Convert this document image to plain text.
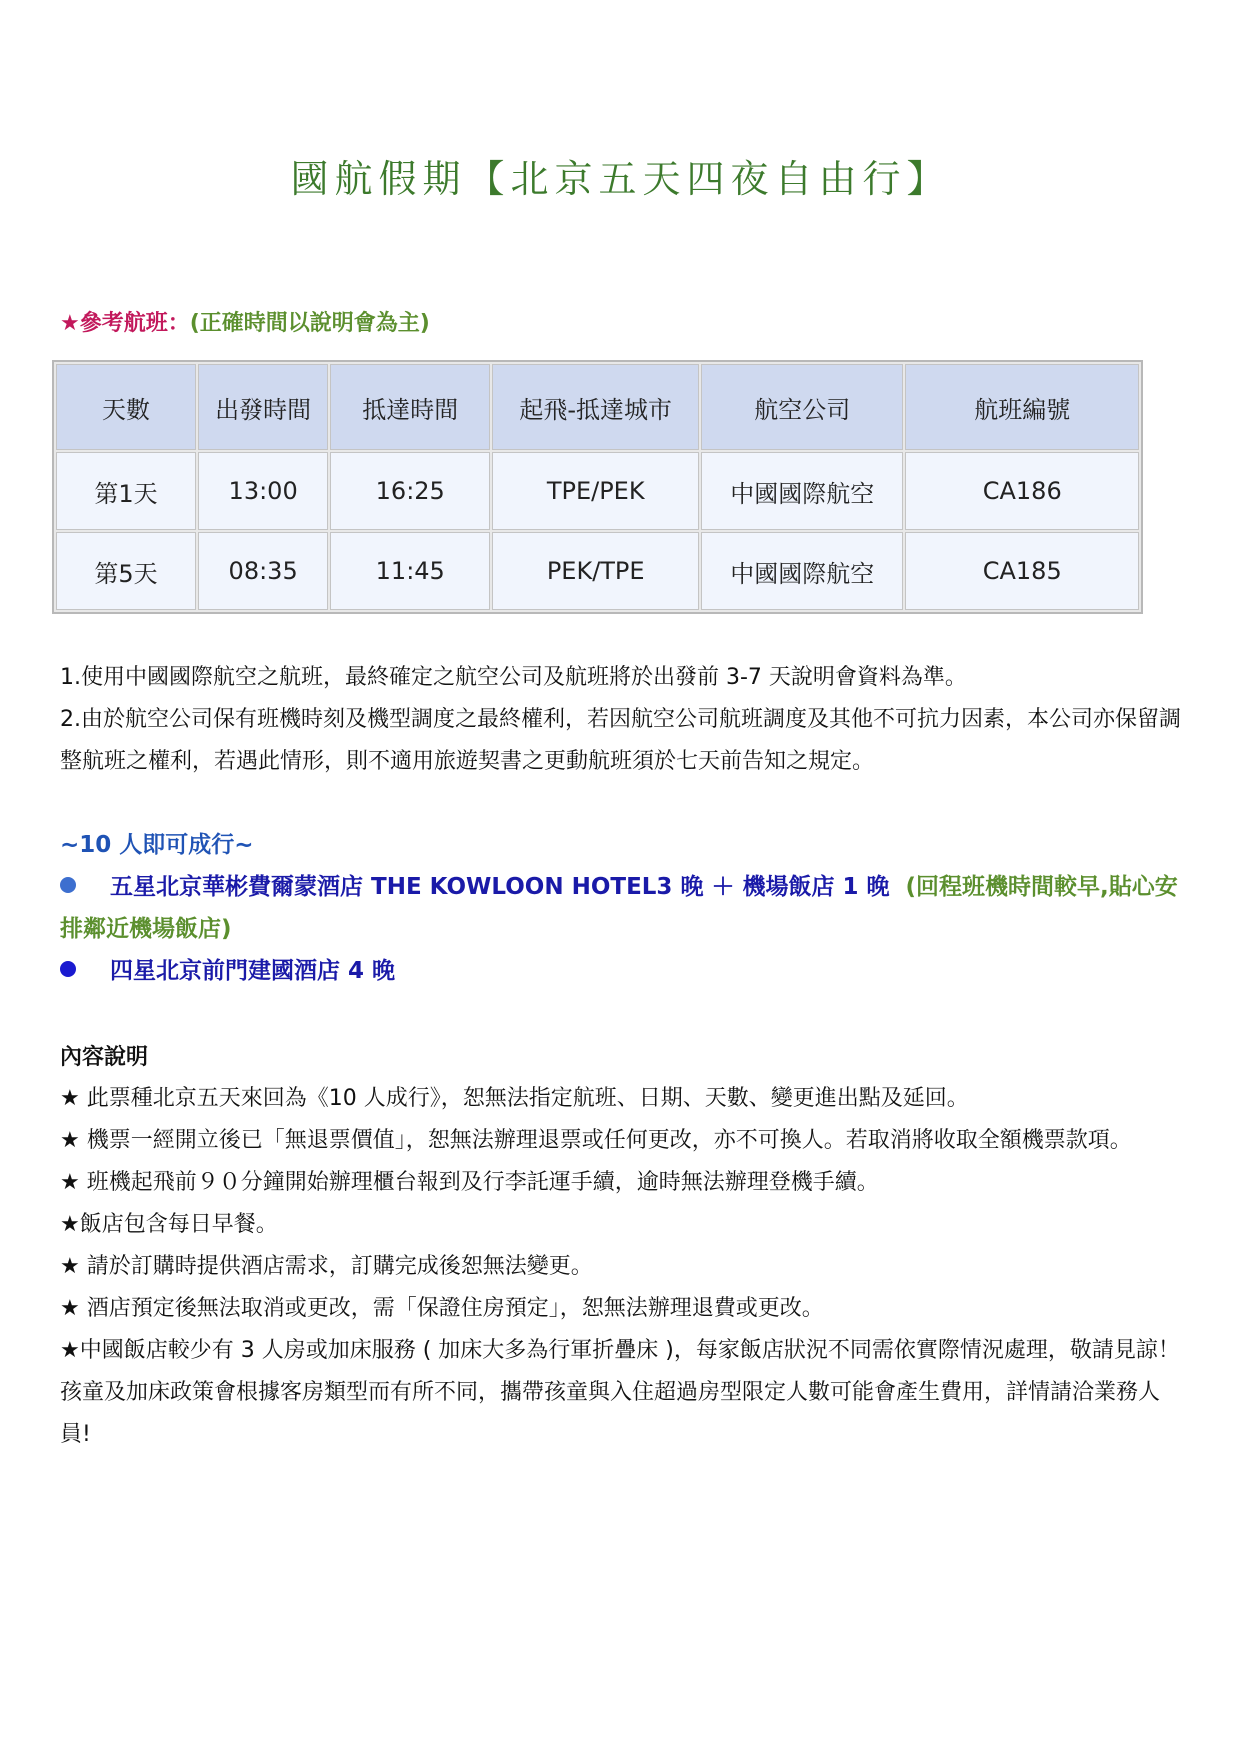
國航假期【北京五天四夜自由行】
★參考航班：(正確時間以說明會為主)
天數	出發時間	抵達時間	起飛-抵達城市	航空公司	航班編號
第1天	13:00	16:25	TPE/PEK	中國國際航空	CA186
第5天	08:35	11:45	PEK/TPE	中國國際航空	CA185

1.使用中國國際航空之航班，最終確定之航空公司及航班將於出發前 3-7 天說明會資料為準。

2.由於航空公司保有班機時刻及機型調度之最終權利，若因航空公司航班調度及其他不可抗力因素，本公司亦保留調整航班之權利，若遇此情形，則不適用旅遊契書之更動航班須於七天前告知之規定。

~10 人即可成行~
五星北京華彬費爾蒙酒店 THE KOWLOON HOTEL3 晚 ＋ 機場飯店 1 晚 (回程班機時間較早,貼心安排鄰近機場飯店)
四星北京前門建國酒店 4 晚
內容說明

★ 此票種北京五天來回為《10 人成行》，恕無法指定航班、日期、天數、變更進出點及延回。

★ 機票一經開立後已「無退票價值」，恕無法辦理退票或任何更改，亦不可換人。若取消將收取全額機票款項。

★ 班機起飛前９０分鐘開始辦理櫃台報到及行李託運手續，逾時無法辦理登機手續。

★飯店包含每日早餐。

★ 請於訂購時提供酒店需求，訂購完成後恕無法變更。

★ 酒店預定後無法取消或更改，需「保證住房預定」，恕無法辦理退費或更改。

★中國飯店較少有 3 人房或加床服務 ( 加床大多為行軍折疊床 )，每家飯店狀況不同需依實際情況處理，敬請見諒！孩童及加床政策會根據客房類型而有所不同，攜帶孩童與入住超過房型限定人數可能會產生費用，詳情請洽業務人員!
